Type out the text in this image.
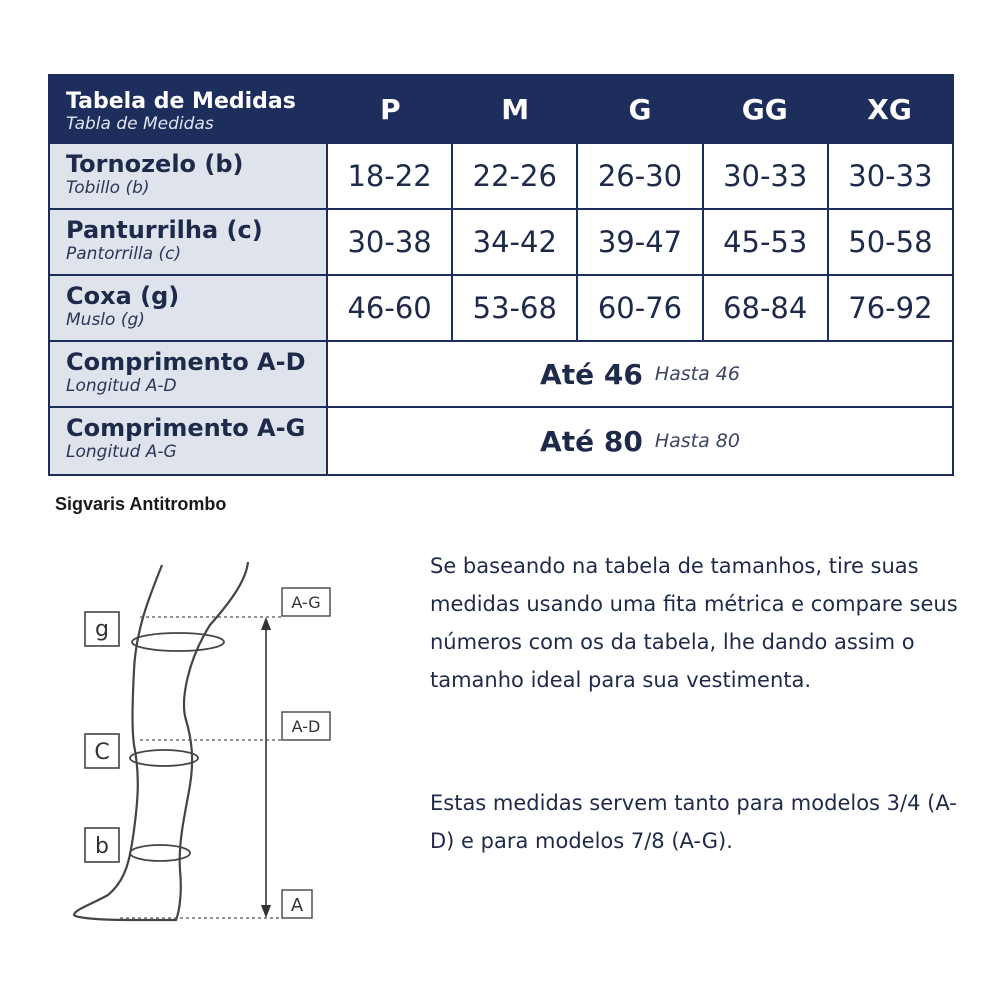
Tabela de Medidas
Tabla de Medidas	P	M	G	GG	XG
Tornozelo (b)
Tobillo (b)	18-22	22-26	26-30	30-33	30-33
Panturrilha (c)
Pantorrilla (c)	30-38	34-42	39-47	45-53	50-58
Coxa (g)
Muslo (g)	46-60	53-68	60-76	68-84	76-92
Comprimento A-D
Longitud A-D	Até 46 Hasta 46
Comprimento A-G
Longitud A-G	Até 80 Hasta 80
Sigvaris Antitrombo
g
C
b
A-G
A-D
A
Se baseando na tabela de tamanhos, tire suas medidas usando uma fita métrica e compare seus números com os da tabela, lhe dando assim o tamanho ideal para sua vestimenta.
Estas medidas servem tanto para modelos 3/4 (A-D) e para modelos 7/8 (A-G).
